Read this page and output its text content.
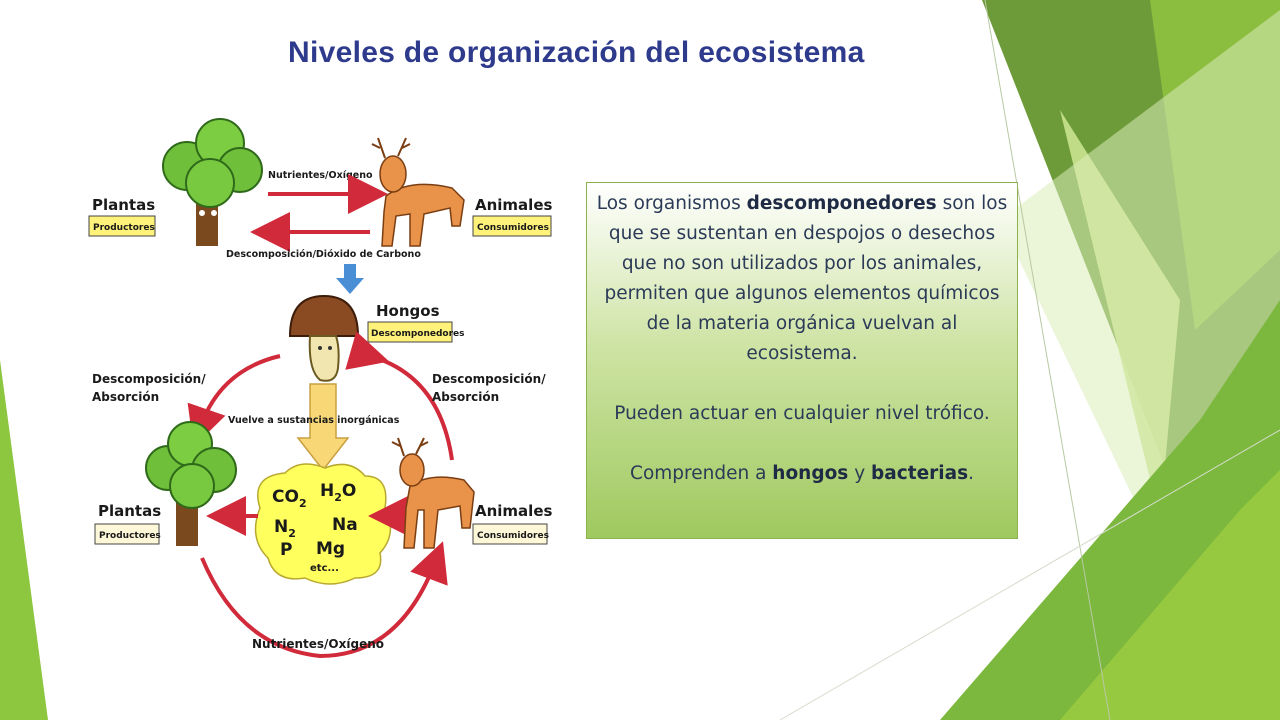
Niveles de organización del ecosistema
Plantas
Productores
Animales
Consumidores
Nutrientes/Oxígeno
Descomposición/Dióxido de Carbono
Hongos
Descomponedores
Descomposición/
Absorción
Descomposición/
Absorción
Vuelve a sustancias inorgánicas
$CO_2$
$H_2O$
$N_2$ Na
P Mg
etc...
Plantas
Productores
Animales
Consumidores
Nutrientes/Oxígeno

Los organismos descomponedores son los que se sustentan en despojos o desechos que no son utilizados por los animales, permiten que algunos elementos químicos de la materia orgánica vuelvan al ecosistema.

Pueden actuar en cualquier nivel trófico.

Comprenden a hongos y bacterias.
